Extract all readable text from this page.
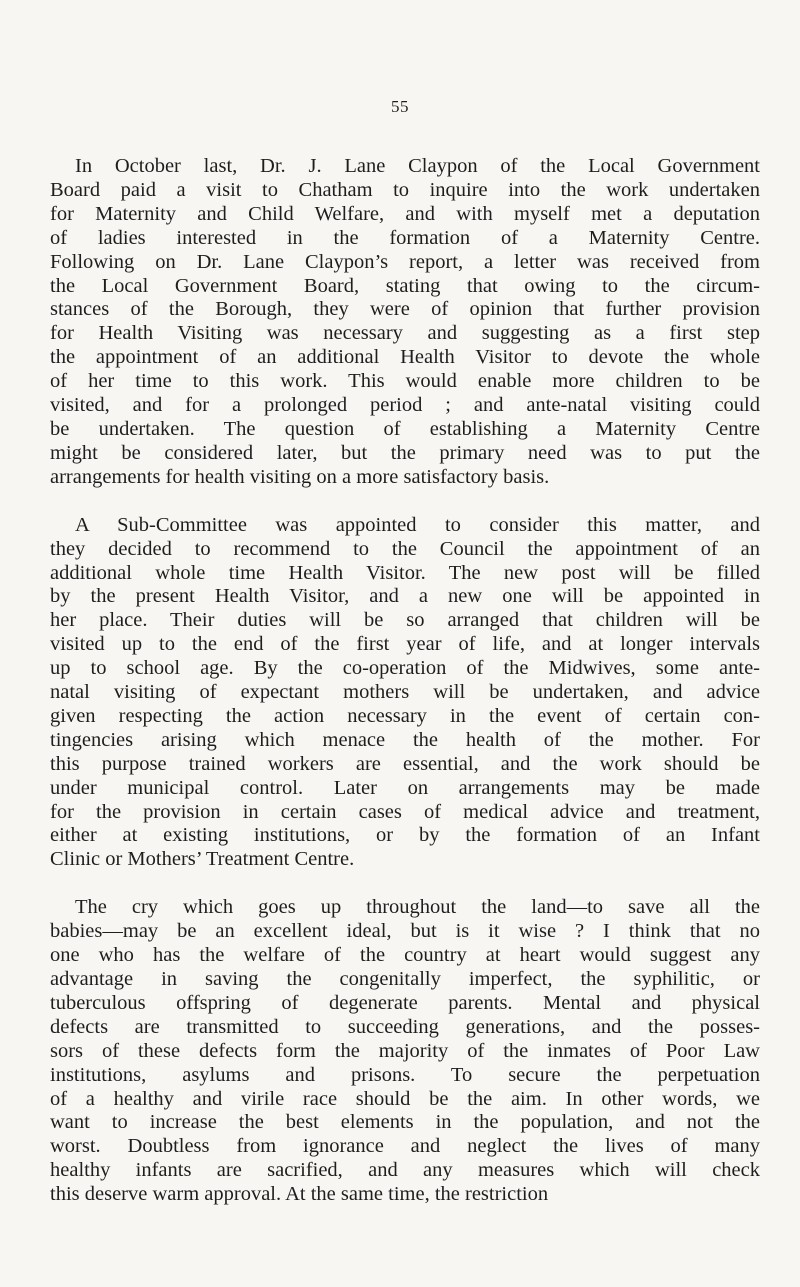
55

In October last, Dr. J. Lane Claypon of the Local Government
Board paid a visit to Chatham to inquire into the work undertaken
for Maternity and Child Welfare, and with myself met a deputation
of ladies interested in the formation of a Maternity Centre.
Following on Dr. Lane Claypon’s report, a letter was received from
the Local Government Board, stating that owing to the circum-
stances of the Borough, they were of opinion that further provision
for Health Visiting was necessary and suggesting as a first step
the appointment of an additional Health Visitor to devote the whole
of her time to this work. This would enable more children to be
visited, and for a prolonged period ; and ante-natal visiting could
be undertaken. The question of establishing a Maternity Centre
might be considered later, but the primary need was to put the
arrangements for health visiting on a more satisfactory basis.

A Sub-Committee was appointed to consider this matter, and
they decided to recommend to the Council the appointment of an
additional whole time Health Visitor. The new post will be filled
by the present Health Visitor, and a new one will be appointed in
her place. Their duties will be so arranged that children will be
visited up to the end of the first year of life, and at longer intervals
up to school age. By the co-operation of the Midwives, some ante-
natal visiting of expectant mothers will be undertaken, and advice
given respecting the action necessary in the event of certain con-
tingencies arising which menace the health of the mother. For
this purpose trained workers are essential, and the work should be
under municipal control. Later on arrangements may be made
for the provision in certain cases of medical advice and treatment,
either at existing institutions, or by the formation of an Infant
Clinic or Mothers’ Treatment Centre.

The cry which goes up throughout the land—to save all the
babies—may be an excellent ideal, but is it wise ? I think that no
one who has the welfare of the country at heart would suggest any
advantage in saving the congenitally imperfect, the syphilitic, or
tuberculous offspring of degenerate parents. Mental and physical
defects are transmitted to succeeding generations, and the posses-
sors of these defects form the majority of the inmates of Poor Law
institutions, asylums and prisons. To secure the perpetuation
of a healthy and virile race should be the aim. In other words, we
want to increase the best elements in the population, and not the
worst. Doubtless from ignorance and neglect the lives of many
healthy infants are sacrified, and any measures which will check
this deserve warm approval. At the same time, the restriction
